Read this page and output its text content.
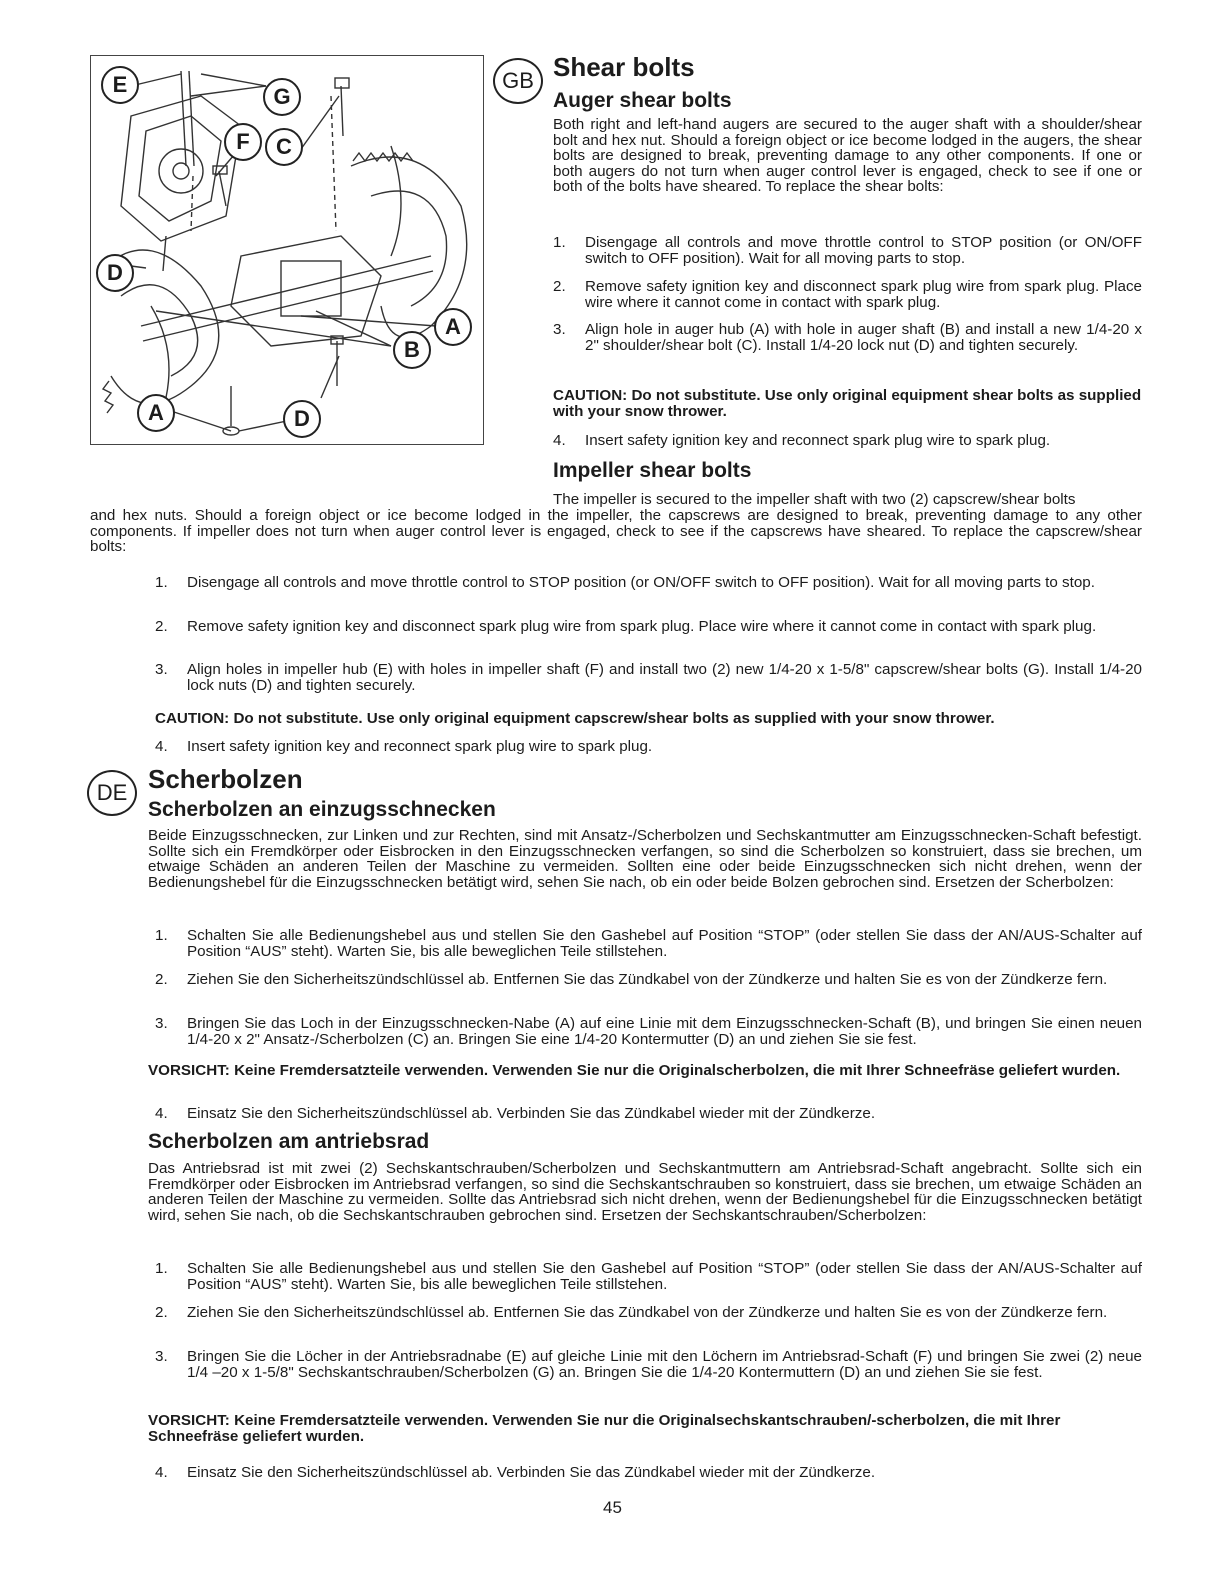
E	G
F	C
D
A
B
A	D
GB Shear bolts
Auger shear bolts

Both right and left-hand augers are secured to the auger shaft with a shoulder/shear bolt and hex nut. Should a foreign object or ice become lodged in the augers, the shear bolts are designed to break, preventing damage to any other components. If one or both augers do not turn when auger control lever is engaged, check to see if one or both of the bolts have sheared. To replace the shear bolts:

1. Disengage all controls and move throttle control to STOP position (or ON/OFF switch to OFF position). Wait for all moving parts to stop.
2. Remove safety ignition key and disconnect spark plug wire from spark plug. Place wire where it cannot come in contact with spark plug.
3. Align hole in auger hub (A) with hole in auger shaft (B) and install a new 1/4-20 x 2" shoulder/shear bolt (C). Install 1/4-20 lock nut (D) and tighten securely.

CAUTION: Do not substitute. Use only original equipment shear bolts as supplied with your snow thrower.

4. Insert safety ignition key and reconnect spark plug wire to spark plug.
Impeller shear bolts

The impeller is secured to the impeller shaft with two (2) capscrew/shear bolts

and hex nuts. Should a foreign object or ice become lodged in the impeller, the capscrews are designed to break, preventing damage to any other components. If impeller does not turn when auger control lever is engaged, check to see if the capscrews have sheared. To replace the capscrew/shear bolts:

1. Disengage all controls and move throttle control to STOP position (or ON/OFF switch to OFF position). Wait for all moving parts to stop.
2. Remove safety ignition key and disconnect spark plug wire from spark plug. Place wire where it cannot come in contact with spark plug.
3. Align holes in impeller hub (E) with holes in impeller shaft (F) and install two (2) new 1/4-20 x 1-5/8" capscrew/shear bolts (G). Install 1/4-20 lock nuts (D) and tighten securely.

CAUTION: Do not substitute. Use only original equipment capscrew/shear bolts as supplied with your snow thrower.

4. Insert safety ignition key and reconnect spark plug wire to spark plug.
DE Scherbolzen
Scherbolzen an einzugsschnecken

Beide Einzugsschnecken, zur Linken und zur Rechten, sind mit Ansatz-/Scherbolzen und Sechskantmutter am Einzugsschnecken-Schaft befestigt. Sollte sich ein Fremdkörper oder Eisbrocken in den Einzugsschnecken verfangen, so sind die Scherbolzen so konstruiert, dass sie brechen, um etwaige Schäden an anderen Teilen der Maschine zu vermeiden. Sollten eine oder beide Einzugsschnecken sich nicht drehen, wenn der Bedienungshebel für die Einzugsschnecken betätigt wird, sehen Sie nach, ob ein oder beide Bolzen gebrochen sind. Ersetzen der Scherbolzen:

1. Schalten Sie alle Bedienungshebel aus und stellen Sie den Gashebel auf Position “STOP” (oder stellen Sie dass der AN/AUS-Schalter auf Position “AUS” steht). Warten Sie, bis alle beweglichen Teile stillstehen.
2. Ziehen Sie den Sicherheitszündschlüssel ab. Entfernen Sie das Zündkabel von der Zündkerze und halten Sie es von der Zündkerze fern.
3. Bringen Sie das Loch in der Einzugsschnecken-Nabe (A) auf eine Linie mit dem Einzugsschnecken-Schaft (B), und bringen Sie einen neuen 1/4-20 x 2" Ansatz-/Scherbolzen (C) an. Bringen Sie eine 1/4-20 Kontermutter (D) an und ziehen Sie sie fest.

VORSICHT: Keine Fremdersatzteile verwenden. Verwenden Sie nur die Originalscherbolzen, die mit Ihrer Schneefräse geliefert wurden.

4. Einsatz Sie den Sicherheitszündschlüssel ab. Verbinden Sie das Zündkabel wieder mit der Zündkerze.
Scherbolzen am antriebsrad

Das Antriebsrad ist mit zwei (2) Sechskantschrauben/Scherbolzen und Sechskantmuttern am Antriebsrad-Schaft angebracht. Sollte sich ein Fremdkörper oder Eisbrocken im Antriebsrad verfangen, so sind die Sechskantschrauben so konstruiert, dass sie brechen, um etwaige Schäden an anderen Teilen der Maschine zu vermeiden. Sollte das Antriebsrad sich nicht drehen, wenn der Bedienungshebel für die Einzugsschnecken betätigt wird, sehen Sie nach, ob die Sechskantschrauben gebrochen sind. Ersetzen der Sechskantschrauben/Scherbolzen:

1. Schalten Sie alle Bedienungshebel aus und stellen Sie den Gashebel auf Position “STOP” (oder stellen Sie dass der AN/AUS-Schalter auf Position “AUS” steht). Warten Sie, bis alle beweglichen Teile stillstehen.
2. Ziehen Sie den Sicherheitszündschlüssel ab. Entfernen Sie das Zündkabel von der Zündkerze und halten Sie es von der Zündkerze fern.
3. Bringen Sie die Löcher in der Antriebsradnabe (E) auf gleiche Linie mit den Löchern im Antriebsrad-Schaft (F) und bringen Sie zwei (2) neue 1/4 –20 x 1-5/8" Sechskantschrauben/Scherbolzen (G) an. Bringen Sie die 1/4-20 Kontermuttern (D) an und ziehen Sie sie fest.

VORSICHT: Keine Fremdersatzteile verwenden. Verwenden Sie nur die Originalsechskantschrauben/-scherbolzen, die mit Ihrer Schneefräse geliefert wurden.

4. Einsatz Sie den Sicherheitszündschlüssel ab. Verbinden Sie das Zündkabel wieder mit der Zündkerze.
45
